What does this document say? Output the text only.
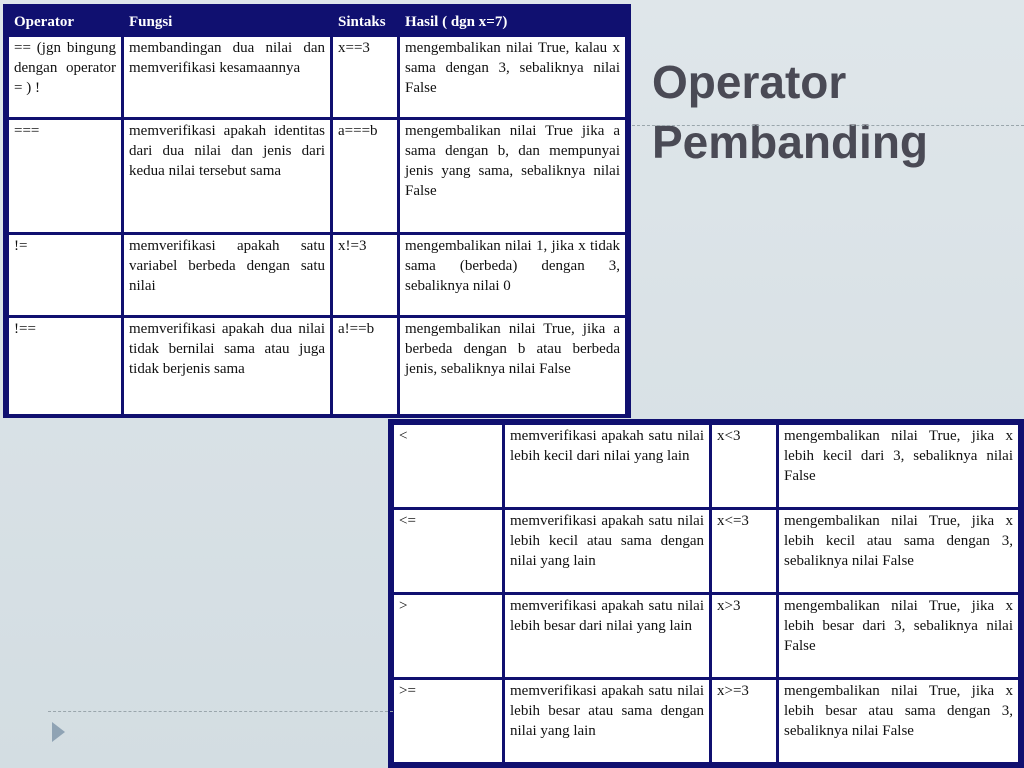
Operator	Fungsi	Sintaks	Hasil ( dgn x=7)
== (jgn bingung dengan operator = ) !	membandingan dua nilai dan memverifikasi kesamaannya	x==3	mengembalikan nilai True, kalau x sama dengan 3, sebaliknya nilai False
===	memverifikasi apakah identitas dari dua nilai dan jenis dari kedua nilai tersebut sama	a===b	mengembalikan nilai True jika a sama dengan b, dan mempunyai jenis yang sama, sebaliknya nilai False
!=	memverifikasi apakah satu variabel berbeda dengan satu nilai	x!=3	mengembalikan nilai 1, jika x tidak sama (berbeda) dengan 3, sebaliknya nilai 0
!==	memverifikasi apakah dua nilai tidak bernilai sama atau juga tidak berjenis sama	a!==b	mengembalikan nilai True, jika a berbeda dengan b atau berbeda jenis, sebaliknya nilai False
Operator
Pembanding
<	memverifikasi apakah satu nilai lebih kecil dari nilai yang lain	x<3	mengembalikan nilai True, jika x lebih kecil dari 3, sebaliknya nilai False
<=	memverifikasi apakah satu nilai lebih kecil atau sama dengan nilai yang lain	x<=3	mengembalikan nilai True, jika x lebih kecil atau sama dengan 3, sebaliknya nilai False
>	memverifikasi apakah satu nilai lebih besar dari nilai yang lain	x>3	mengembalikan nilai True, jika x lebih besar dari 3, sebaliknya nilai False
>=	memverifikasi apakah satu nilai lebih besar atau sama dengan nilai yang lain	x>=3	mengembalikan nilai True, jika x lebih besar atau sama dengan 3, sebaliknya nilai False
